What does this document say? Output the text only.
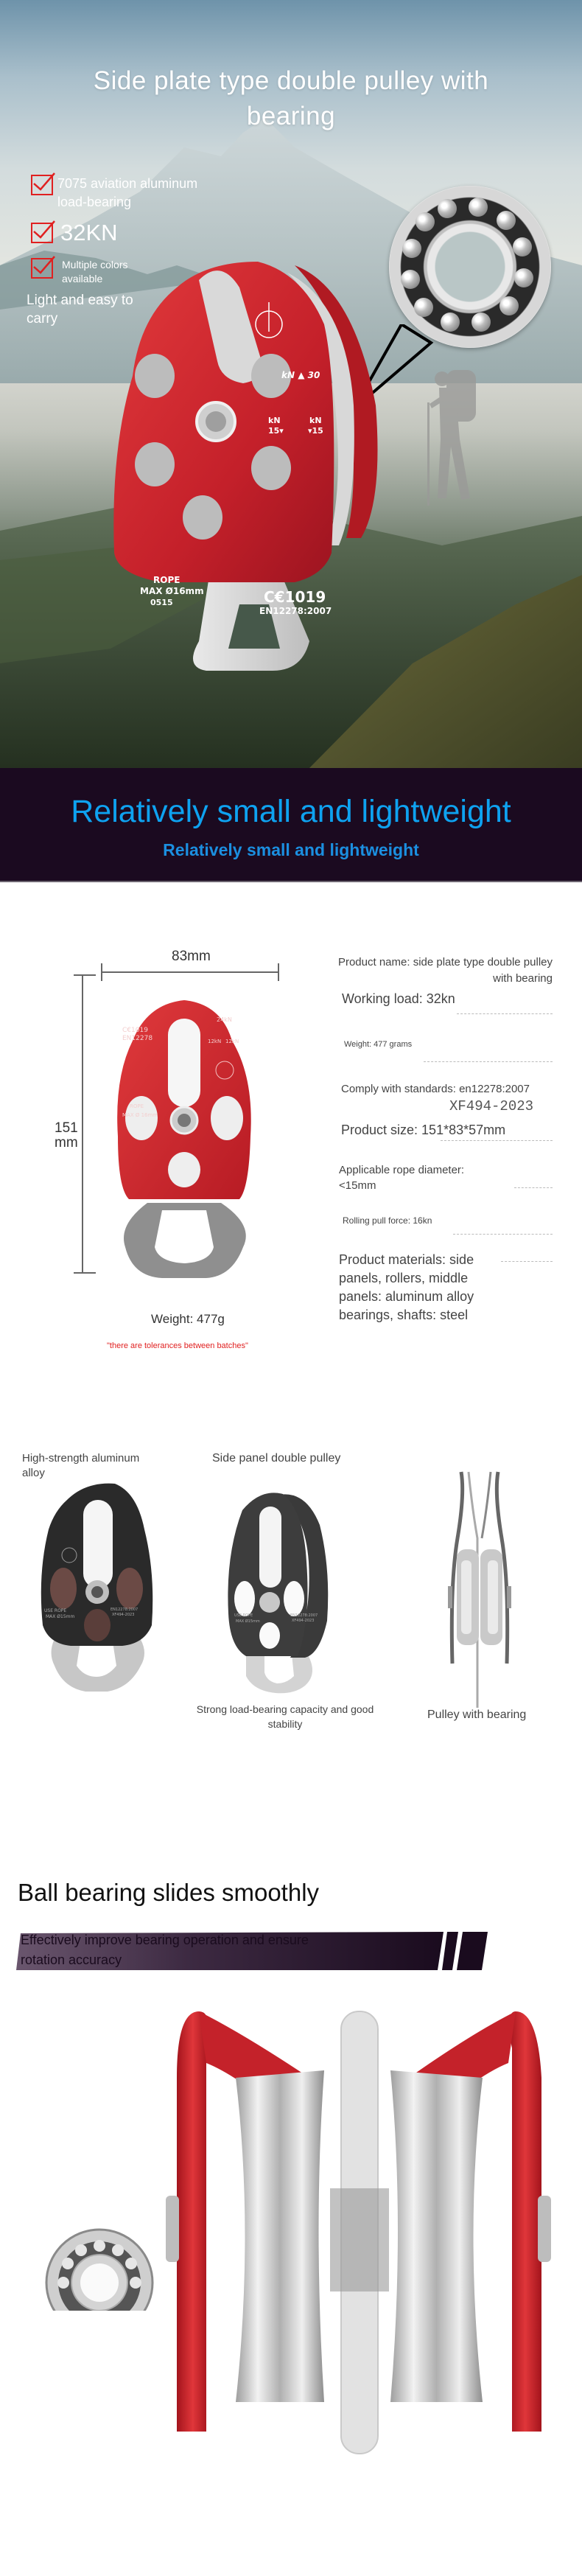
Side plate type double pulley with
bearing
7075 aviation aluminum
load-bearing
32KN
Multiple colors
available
Light and easy to
carry
kN ▲ 30
kN
15▾
kN
▾15
ROPE
MAX Ø16mm
0515	C€1019
EN12278:2007
Relatively small and lightweight
Relatively small and lightweight
83mm
151
mm
C€1019
EN12278
24kN
12kN 12kN
ROPE
MAX Ø 16mm
Weight: 477g
"there are tolerances between batches"
Product name: side plate type double pulley
with bearing
Working load: 32kn
Weight: 477 grams
Comply with standards: en12278:2007
XF494-2023
Product size: 151*83*57mm
Applicable rope diameter:
<15mm
Rolling pull force: 16kn
Product materials: side
panels, rollers, middle
panels: aluminum alloy
bearings, shafts: steel
High-strength aluminum
alloy
Side panel double pulley
USE ROPE
MAX Ø15mm
EN12278:2007
XF494-2023	USE ROPE
MAX Ø15mm
EN12278:2007
XF494-2023
Strong load-bearing capacity and good
stability
Pulley with bearing
Ball bearing slides smoothly
Effectively improve bearing operation and ensure
rotation accuracy
